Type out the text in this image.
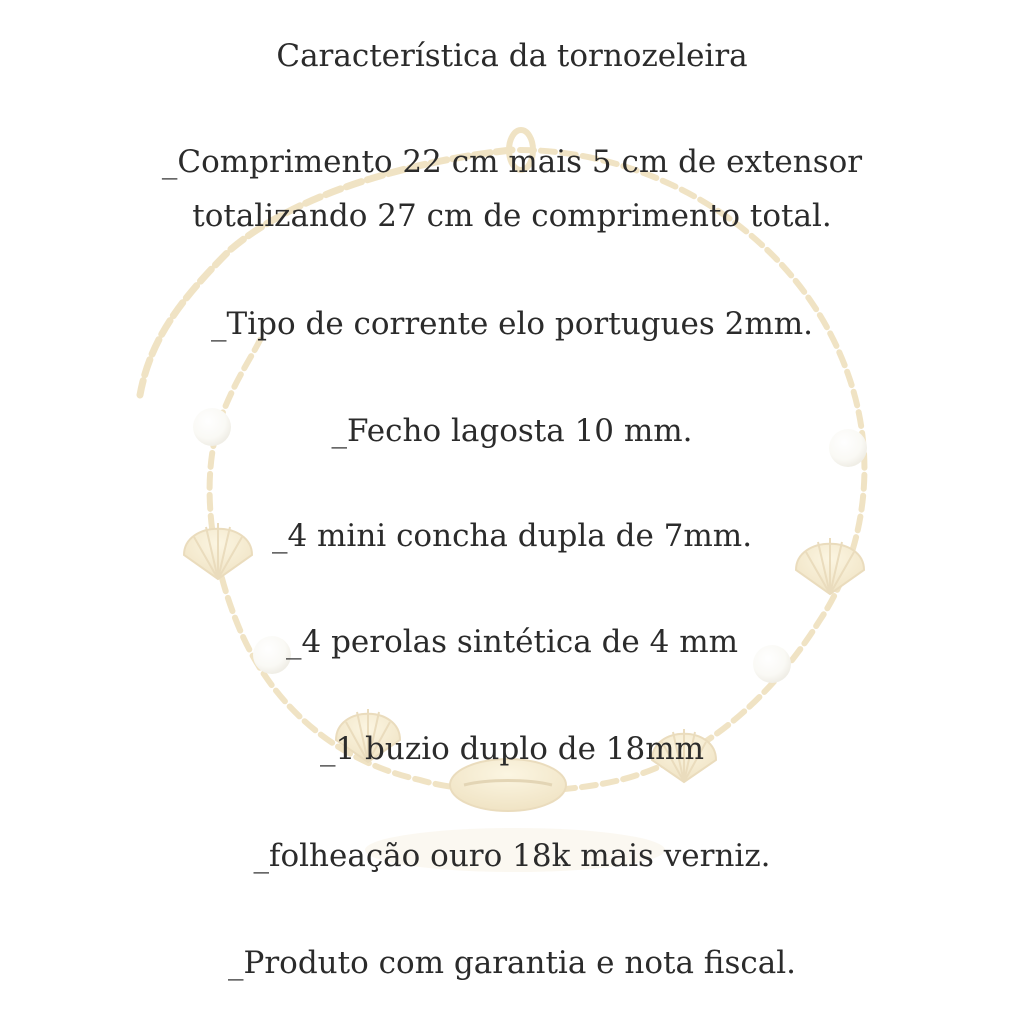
Característica da tornozeleira
_Comprimento 22 cm mais 5 cm de extensor
totalizando 27 cm de comprimento total.
_Tipo de corrente elo portugues 2mm.
_Fecho lagosta 10 mm.
_4 mini concha dupla de 7mm.
_4 perolas sintética de 4 mm
_1 buzio duplo de 18mm
_folheação ouro 18k mais verniz.
_Produto com garantia e nota fiscal.
